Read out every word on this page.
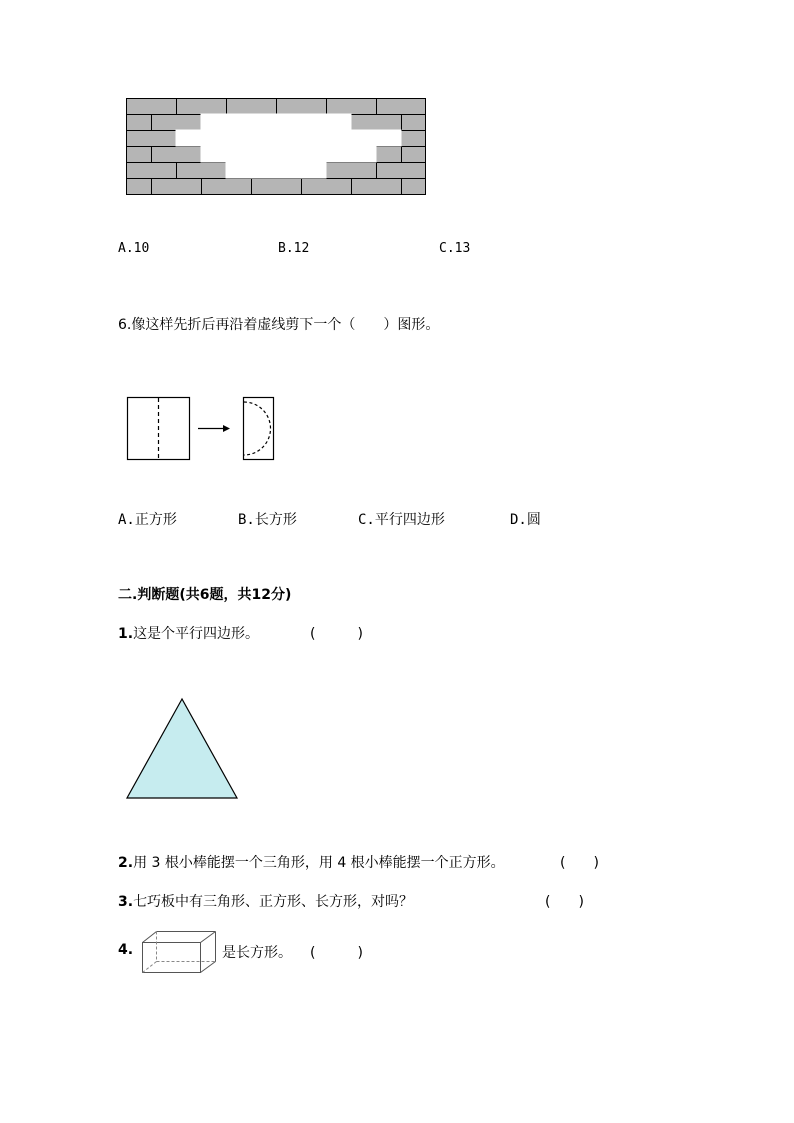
A.10	B.12	C.13
6.像这样先折后再沿着虚线剪下一个（　　）图形。
A.正方形	B.长方形	C.平行四边形	D.圆
二.判断题(共6题，共12分)
1.这是个平行四边形。	(　　　)
2.用 3 根小棒能摆一个三角形，用 4 根小棒能摆一个正方形。	(　　)
3.七巧板中有三角形、正方形、长方形，对吗？	(　　)
4.	是长方形。 (　　　)
